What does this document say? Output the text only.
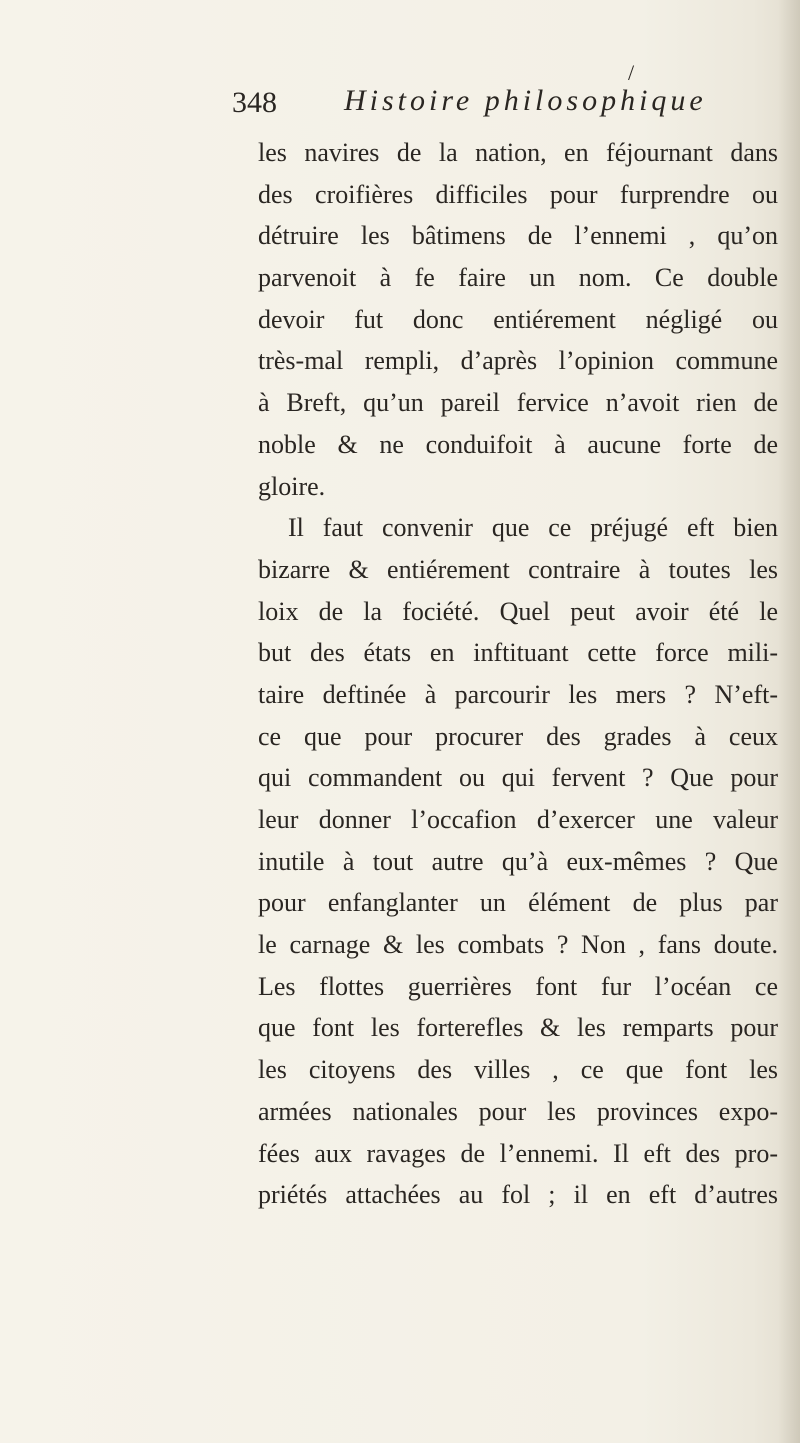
/
348 Histoire philosophique
les navires de la nation, en féjournant dans
des croifières difficiles pour furprendre ou
détruire les bâtimens de l’ennemi , qu’on
parvenoit à fe faire un nom. Ce double
devoir fut donc entiérement négligé ou
très-mal rempli, d’après l’opinion commune
à Breft, qu’un pareil fervice n’avoit rien de
noble & ne conduifoit à aucune forte de
gloire.
Il faut convenir que ce préjugé eft bien
bizarre & entiérement contraire à toutes les
loix de la fociété. Quel peut avoir été le
but des états en inftituant cette force mili-
taire deftinée à parcourir les mers ? N’eft-
ce que pour procurer des grades à ceux
qui commandent ou qui fervent ? Que pour
leur donner l’occafion d’exercer une valeur
inutile à tout autre qu’à eux-mêmes ? Que
pour enfanglanter un élément de plus par
le carnage & les combats ? Non , fans doute.
Les flottes guerrières font fur l’océan ce
que font les forterefles & les remparts pour
les citoyens des villes , ce que font les
armées nationales pour les provinces expo-
fées aux ravages de l’ennemi. Il eft des pro-
priétés attachées au fol ; il en eft d’autres
